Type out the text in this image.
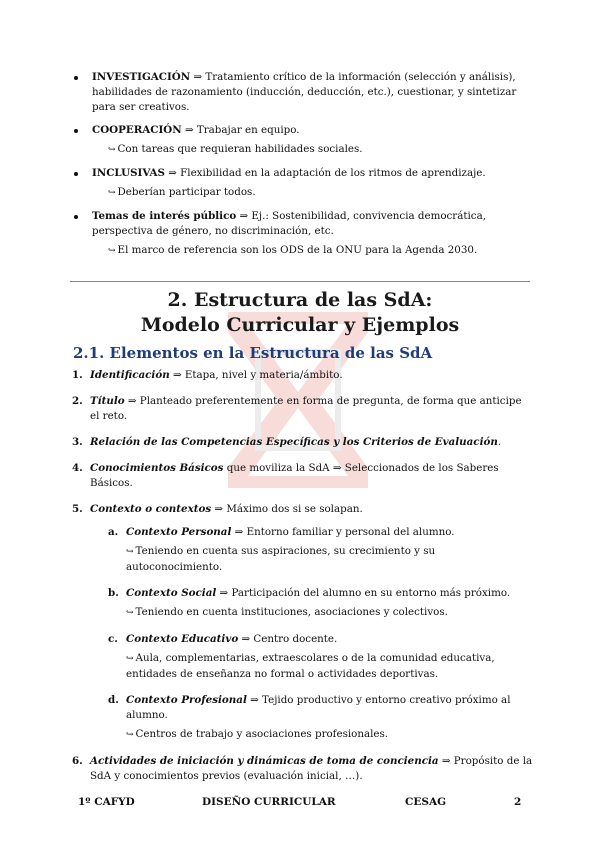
INVESTIGACIÓN ⇒ Tratamiento crítico de la información (selección y análisis), habilidades de razonamiento (inducción, deducción, etc.), cuestionar, y sintetizar para ser creativos.
COOPERACIÓN ⇒ Trabajar en equipo.
↪ Con tareas que requieran habilidades sociales.
INCLUSIVAS ⇒ Flexibilidad en la adaptación de los ritmos de aprendizaje.
↪ Deberían participar todos.
Temas de interés público ⇒ Ej.: Sostenibilidad, convivencia democrática, perspectiva de género, no discriminación, etc.
↪ El marco de referencia son los ODS de la ONU para la Agenda 2030.
2. Estructura de las SdA:
Modelo Curricular y Ejemplos
2.1. Elementos en la Estructura de las SdA
1. Identificación ⇒ Etapa, nivel y materia/ámbito.
2. Título ⇒ Planteado preferentemente en forma de pregunta, de forma que anticipe el reto.
3. Relación de las Competencias Específicas y los Criterios de Evaluación.
4. Conocimientos Básicos que moviliza la SdA ⇒ Seleccionados de los Saberes Básicos.
5. Contexto o contextos ⇒ Máximo dos si se solapan.
a. Contexto Personal ⇒ Entorno familiar y personal del alumno.
↪ Teniendo en cuenta sus aspiraciones, su crecimiento y su autoconocimiento.
b. Contexto Social ⇒ Participación del alumno en su entorno más próximo.
↪ Teniendo en cuenta instituciones, asociaciones y colectivos.
c. Contexto Educativo ⇒ Centro docente.
↪ Aula, complementarias, extraescolares o de la comunidad educativa, entidades de enseñanza no formal o actividades deportivas.
d. Contexto Profesional ⇒ Tejido productivo y entorno creativo próximo al alumno.
↪ Centros de trabajo y asociaciones profesionales.
6. Actividades de iniciación y dinámicas de toma de conciencia ⇒ Propósito de la SdA y conocimientos previos (evaluación inicial, …).
1º CAFYD	DISEÑO CURRICULAR	CESAG	2
